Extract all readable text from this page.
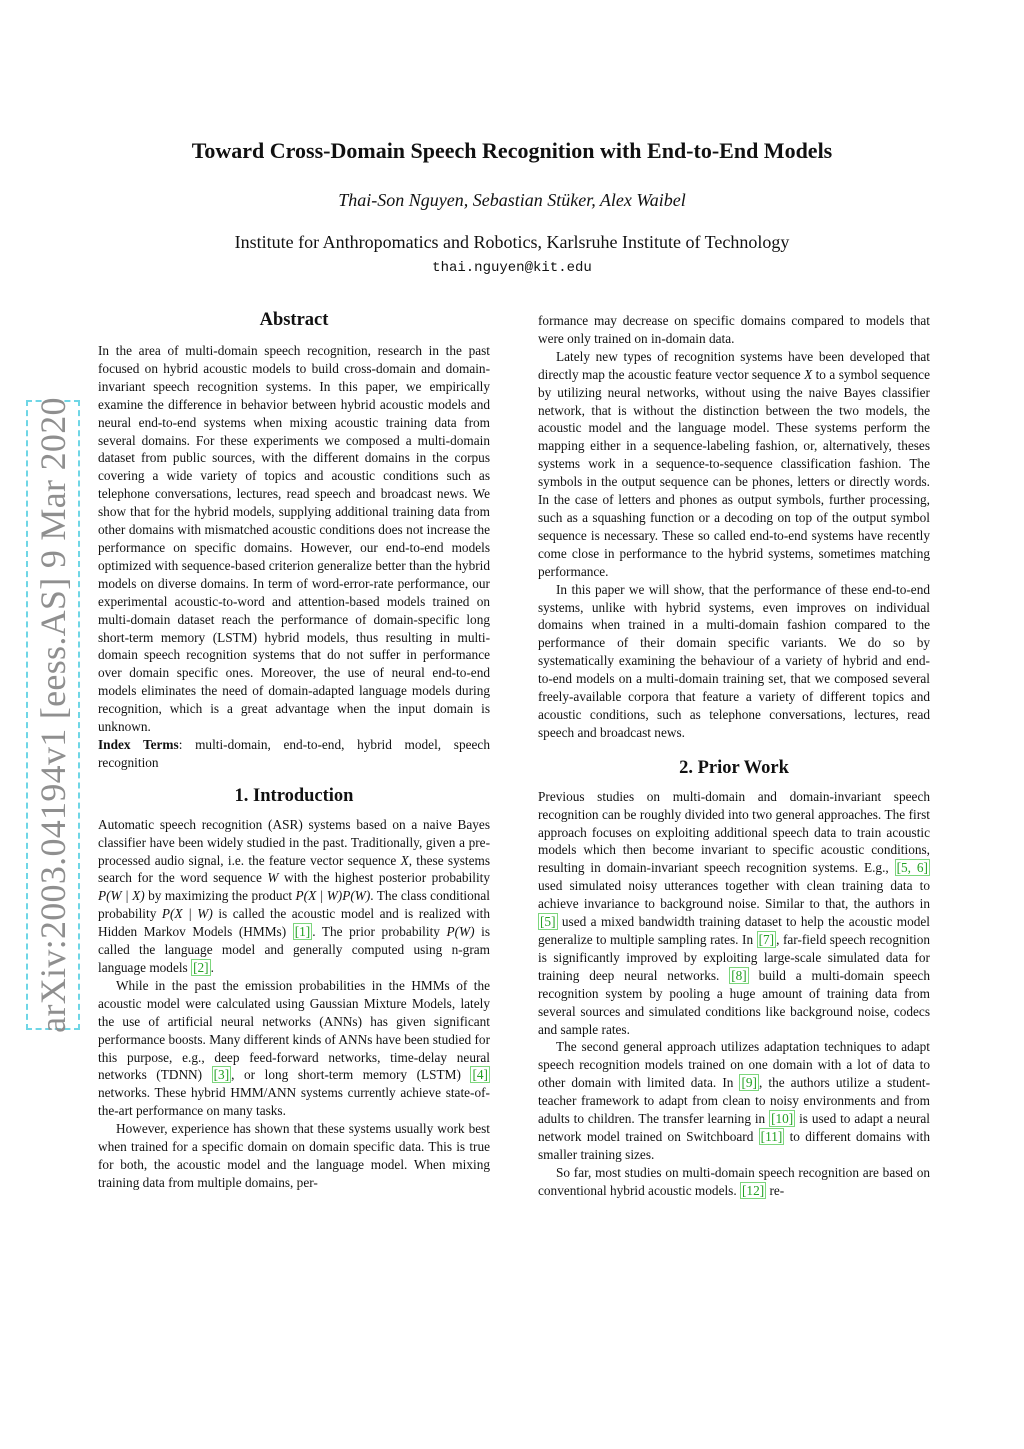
arXiv:2003.04194v1 [eess.AS] 9 Mar 2020
Toward Cross-Domain Speech Recognition with End-to-End Models
Thai-Son Nguyen, Sebastian Stüker, Alex Waibel
Institute for Anthropomatics and Robotics, Karlsruhe Institute of Technology
thai.nguyen@kit.edu
Abstract

In the area of multi-domain speech recognition, research in the past focused on hybrid acoustic models to build cross-domain and domain-invariant speech recognition systems. In this paper, we empirically examine the difference in behavior between hybrid acoustic models and neural end-to-end systems when mixing acoustic training data from several domains. For these experiments we composed a multi-domain dataset from public sources, with the different domains in the corpus covering a wide variety of topics and acoustic conditions such as telephone conversations, lectures, read speech and broadcast news. We show that for the hybrid models, supplying additional training data from other domains with mismatched acoustic conditions does not increase the performance on specific domains. However, our end-to-end models optimized with sequence-based criterion generalize better than the hybrid models on diverse domains. In term of word-error-rate performance, our experimental acoustic-to-word and attention-based models trained on multi-domain dataset reach the performance of domain-specific long short-term memory (LSTM) hybrid models, thus resulting in multi-domain speech recognition systems that do not suffer in performance over domain specific ones. Moreover, the use of neural end-to-end models eliminates the need of domain-adapted language models during recognition, which is a great advantage when the input domain is unknown.

Index Terms: multi-domain, end-to-end, hybrid model, speech recognition

1. Introduction

Automatic speech recognition (ASR) systems based on a naive Bayes classifier have been widely studied in the past. Traditionally, given a pre-processed audio signal, i.e. the feature vector sequence X, these systems search for the word sequence W with the highest posterior probability P(W | X) by maximizing the product P(X | W)P(W). The class conditional probability P(X | W) is called the acoustic model and is realized with Hidden Markov Models (HMMs) [1] . The prior probability P(W) is called the language model and generally computed using n-gram language models [2] .

While in the past the emission probabilities in the HMMs of the acoustic model were calculated using Gaussian Mixture Models, lately the use of artificial neural networks (ANNs) has given significant performance boosts. Many different kinds of ANNs have been studied for this purpose, e.g., deep feed-forward networks, time-delay neural networks (TDNN) [3] , or long short-term memory (LSTM) [4] networks. These hybrid HMM/ANN systems currently achieve state-of-the-art performance on many tasks.

However, experience has shown that these systems usually work best when trained for a specific domain on domain specific data. This is true for both, the acoustic model and the language model. When mixing training data from multiple domains, per-

formance may decrease on specific domains compared to models that were only trained on in-domain data.

Lately new types of recognition systems have been developed that directly map the acoustic feature vector sequence X to a symbol sequence by utilizing neural networks, without using the naive Bayes classifier network, that is without the distinction between the two models, the acoustic model and the language model. These systems perform the mapping either in a sequence-labeling fashion, or, alternatively, theses systems work in a sequence-to-sequence classification fashion. The symbols in the output sequence can be phones, letters or directly words. In the case of letters and phones as output symbols, further processing, such as a squashing function or a decoding on top of the output symbol sequence is necessary. These so called end-to-end systems have recently come close in performance to the hybrid systems, sometimes matching performance.

In this paper we will show, that the performance of these end-to-end systems, unlike with hybrid systems, even improves on individual domains when trained in a multi-domain fashion compared to the performance of their domain specific variants. We do so by systematically examining the behaviour of a variety of hybrid and end-to-end models on a multi-domain training set, that we composed several freely-available corpora that feature a variety of different topics and acoustic conditions, such as telephone conversations, lectures, read speech and broadcast news.

2. Prior Work

Previous studies on multi-domain and domain-invariant speech recognition can be roughly divided into two general approaches. The first approach focuses on exploiting additional speech data to train acoustic models which then become invariant to specific acoustic conditions, resulting in domain-invariant speech recognition systems. E.g., [5, 6] used simulated noisy utterances together with clean training data to achieve invariance to background noise. Similar to that, the authors in [5] used a mixed bandwidth training dataset to help the acoustic model generalize to multiple sampling rates. In [7] , far-field speech recognition is significantly improved by exploiting large-scale simulated data for training deep neural networks. [8] build a multi-domain speech recognition system by pooling a huge amount of training data from several sources and simulated conditions like background noise, codecs and sample rates.

The second general approach utilizes adaptation techniques to adapt speech recognition models trained on one domain with a lot of data to other domain with limited data. In [9] , the authors utilize a student-teacher framework to adapt from clean to noisy environments and from adults to children. The transfer learning in [10] is used to adapt a neural network model trained on Switchboard [11] to different domains with smaller training sizes.

So far, most studies on multi-domain speech recognition are based on conventional hybrid acoustic models. [12] re-
